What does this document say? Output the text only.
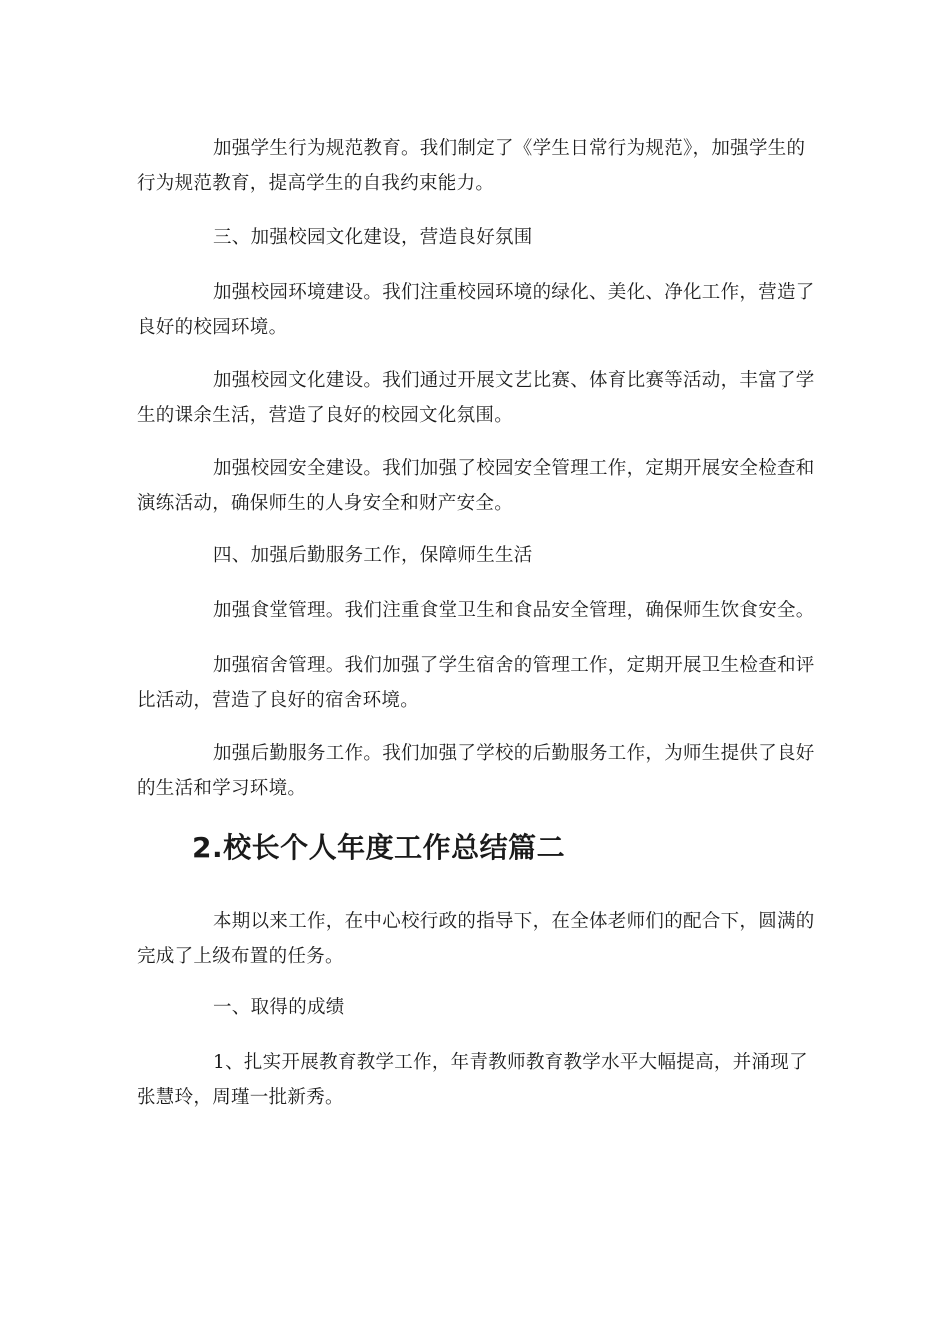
加强学生行为规范教育。我们制定了《学生日常行为规范》，加强学生的行为规范教育，提高学生的自我约束能力。

三、加强校园文化建设，营造良好氛围

加强校园环境建设。我们注重校园环境的绿化、美化、净化工作，营造了良好的校园环境。

加强校园文化建设。我们通过开展文艺比赛、体育比赛等活动，丰富了学生的课余生活，营造了良好的校园文化氛围。

加强校园安全建设。我们加强了校园安全管理工作，定期开展安全检查和演练活动，确保师生的人身安全和财产安全。

四、加强后勤服务工作，保障师生生活

加强食堂管理。我们注重食堂卫生和食品安全管理，确保师生饮食安全。

加强宿舍管理。我们加强了学生宿舍的管理工作，定期开展卫生检查和评比活动，营造了良好的宿舍环境。

加强后勤服务工作。我们加强了学校的后勤服务工作，为师生提供了良好的生活和学习环境。

2.校长个人年度工作总结篇二

本期以来工作，在中心校行政的指导下，在全体老师们的配合下，圆满的完成了上级布置的任务。

一、取得的成绩

1、扎实开展教育教学工作，年青教师教育教学水平大幅提高，并涌现了张慧玲，周瑾一批新秀。
